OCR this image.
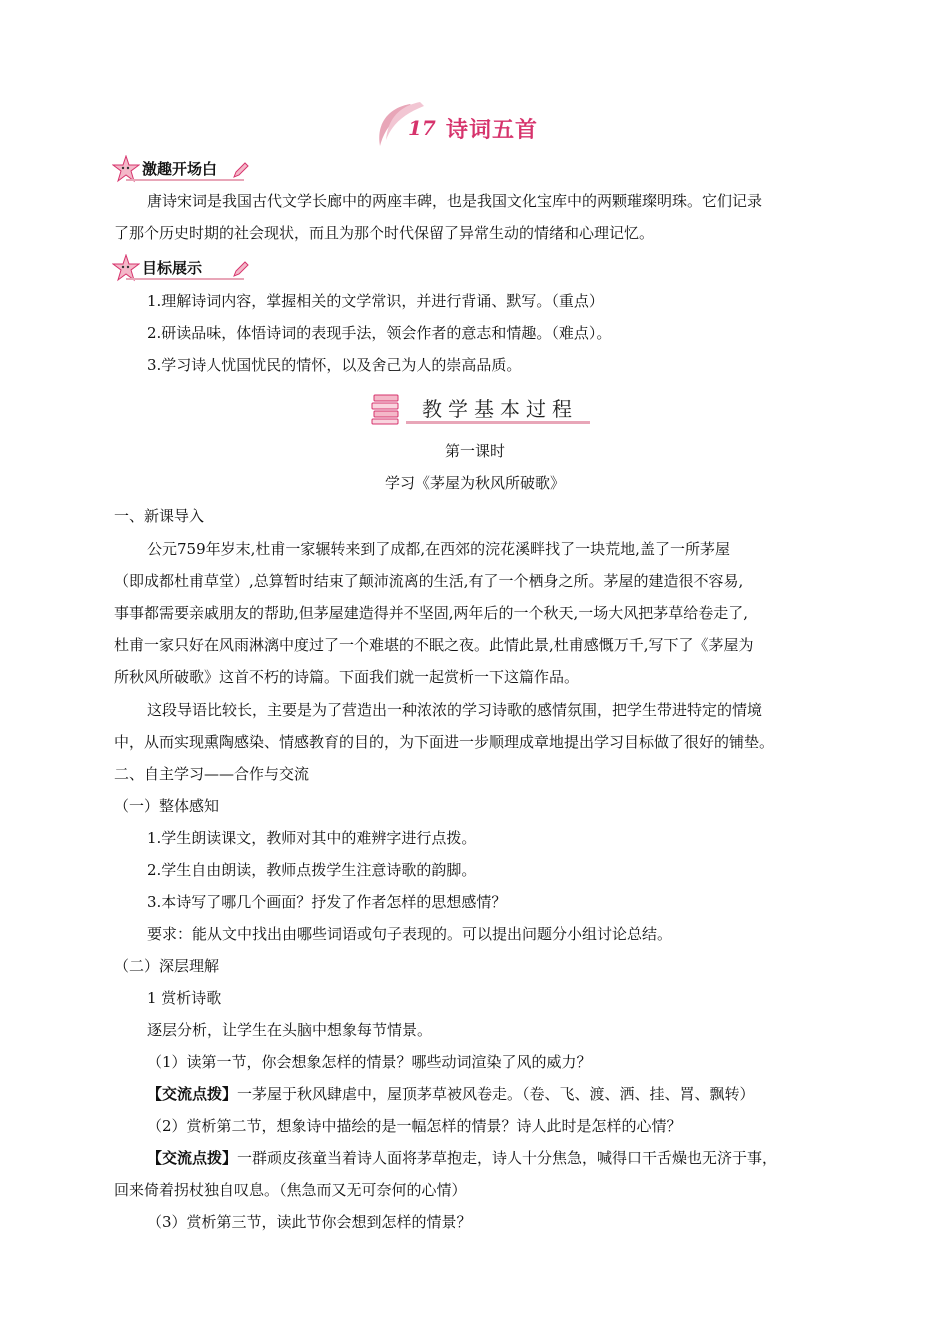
17 诗词五首
激趣开场白
唐诗宋词是我国古代文学长廊中的两座丰碑，也是我国文化宝库中的两颗璀璨明珠。它们记录
了那个历史时期的社会现状，而且为那个时代保留了异常生动的情绪和心理记忆。
目标展示
1.理解诗词内容，掌握相关的文学常识，并进行背诵、默写。（重点）
2.研读品味，体悟诗词的表现手法，领会作者的意志和情趣。（难点）。
3.学习诗人忧国忧民的情怀，以及舍己为人的崇高品质。
教学基本过程
第一课时
学习《茅屋为秋风所破歌》
一、新课导入
公元759年岁末,杜甫一家辗转来到了成都,在西郊的浣花溪畔找了一块荒地,盖了一所茅屋
（即成都杜甫草堂）,总算暂时结束了颠沛流离的生活,有了一个栖身之所。茅屋的建造很不容易,
事事都需要亲戚朋友的帮助,但茅屋建造得并不坚固,两年后的一个秋天,一场大风把茅草给卷走了,
杜甫一家只好在风雨淋漓中度过了一个难堪的不眠之夜。此情此景,杜甫感慨万千,写下了《茅屋为
所秋风所破歌》这首不朽的诗篇。下面我们就一起赏析一下这篇作品。
这段导语比较长，主要是为了营造出一种浓浓的学习诗歌的感情氛围，把学生带进特定的情境
中，从而实现熏陶感染、情感教育的目的，为下面进一步顺理成章地提出学习目标做了很好的铺垫。
二、自主学习——合作与交流
（一）整体感知
1.学生朗读课文，教师对其中的难辨字进行点拨。
2.学生自由朗读，教师点拨学生注意诗歌的韵脚。
3.本诗写了哪几个画面？抒发了作者怎样的思想感情？
要求：能从文中找出由哪些词语或句子表现的。可以提出问题分小组讨论总结。
（二）深层理解
1 赏析诗歌
逐层分析，让学生在头脑中想象每节情景。
（1）读第一节，你会想象怎样的情景？哪些动词渲染了风的威力？
【交流点拨】一茅屋于秋风肆虐中，屋顶茅草被风卷走。（卷、飞、渡、洒、挂、罥、飘转）
（2）赏析第二节，想象诗中描绘的是一幅怎样的情景？诗人此时是怎样的心情？
【交流点拨】一群顽皮孩童当着诗人面将茅草抱走，诗人十分焦急，喊得口干舌燥也无济于事，
回来倚着拐杖独自叹息。（焦急而又无可奈何的心情）
（3）赏析第三节，读此节你会想到怎样的情景？
